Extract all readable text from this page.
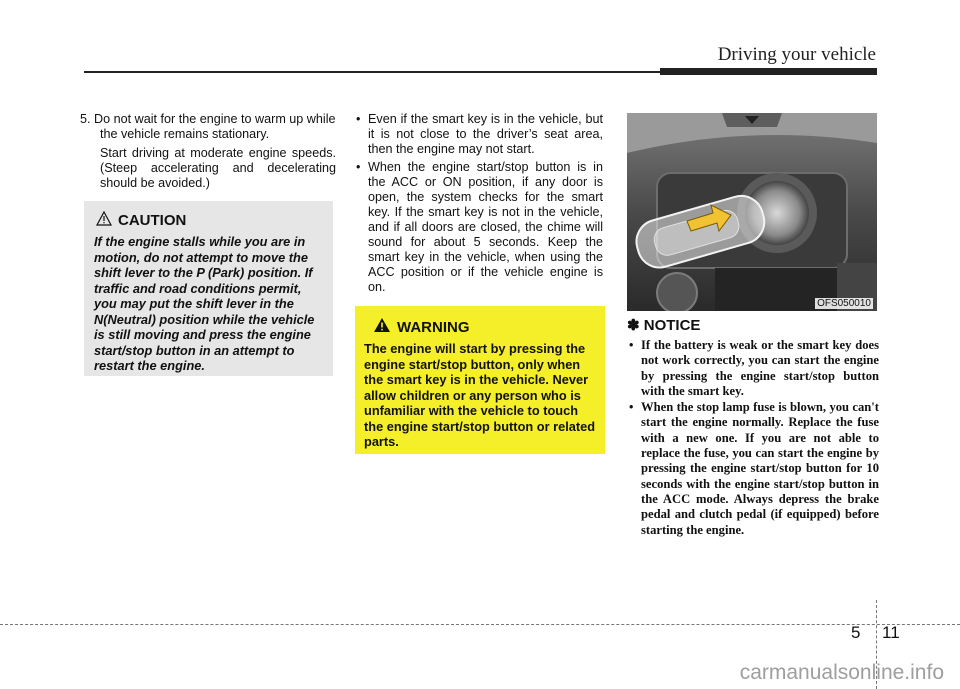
Driving your vehicle

5. Do not wait for the engine to warm up while the vehicle remains stationary.

Start driving at moderate engine speeds. (Steep accelerating and decelerating should be avoided.)

CAUTION
If the engine stalls while you are in motion, do not attempt to move the shift lever to the P (Park) position. If traffic and road conditions permit, you may put the shift lever in the N(Neutral) position while the vehicle is still moving and press the engine start/stop button in an attempt to restart the engine.
• Even if the smart key is in the vehicle, but it is not close to the driver’s seat area, then the engine may not start.
• When the engine start/stop button is in the ACC or ON position, if any door is open, the system checks for the smart key. If the smart key is not in the vehicle, and if all doors are closed, the chime will sound for about 5 seconds. Keep the smart key in the vehicle, when using the ACC position or if the vehicle engine is on.
WARNING
The engine will start by pressing the engine start/stop button, only when the smart key is in the vehicle. Never allow children or any person who is unfamiliar with the vehicle to touch the engine start/stop button or related parts.
OFS050010
✽ NOTICE
• If the battery is weak or the smart key does not work correctly, you can start the engine by pressing the engine start/stop button with the smart key.
• When the stop lamp fuse is blown, you can't start the engine normally. Replace the fuse with a new one. If you are not able to replace the fuse, you can start the engine by pressing the engine start/stop button for 10 seconds with the engine start/stop button in the ACC mode. Always depress the brake pedal and clutch pedal (if equipped) before starting the engine.
5 11
carmanualsonline.info
